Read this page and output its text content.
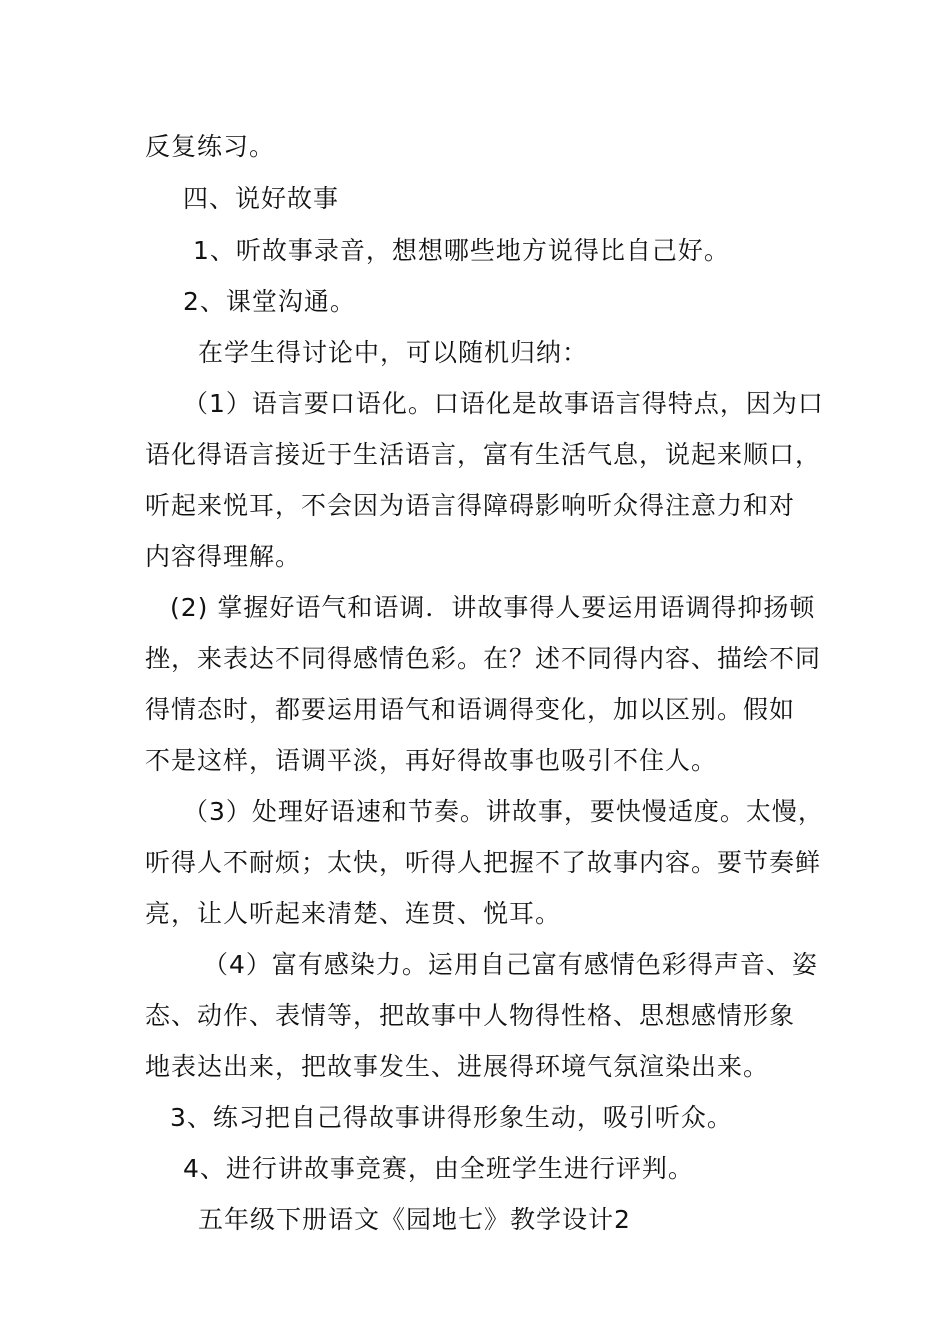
反复练习。
四、说好故事
1、听故事录音，想想哪些地方说得比自己好。
2、课堂沟通。
在学生得讨论中，可以随机归纳：
（1）语言要口语化。口语化是故事语言得特点，因为口
语化得语言接近于生活语言，富有生活气息，说起来顺口，
听起来悦耳，不会因为语言得障碍影响听众得注意力和对
内容得理解。
(2) 掌握好语气和语调．讲故事得人要运用语调得抑扬顿
挫，来表达不同得感情色彩。在？述不同得内容、描绘不同
得情态时，都要运用语气和语调得变化，加以区别。假如
不是这样，语调平淡，再好得故事也吸引不住人。
（3）处理好语速和节奏。讲故事，要快慢适度。太慢，
听得人不耐烦；太快，听得人把握不了故事内容。要节奏鲜
亮，让人听起来清楚、连贯、悦耳。
（4）富有感染力。运用自己富有感情色彩得声音、姿
态、动作、表情等，把故事中人物得性格、思想感情形象
地表达出来，把故事发生、进展得环境气氛渲染出来。
3、练习把自己得故事讲得形象生动，吸引听众。
4、进行讲故事竞赛，由全班学生进行评判。
五年级下册语文《园地七》教学设计2
